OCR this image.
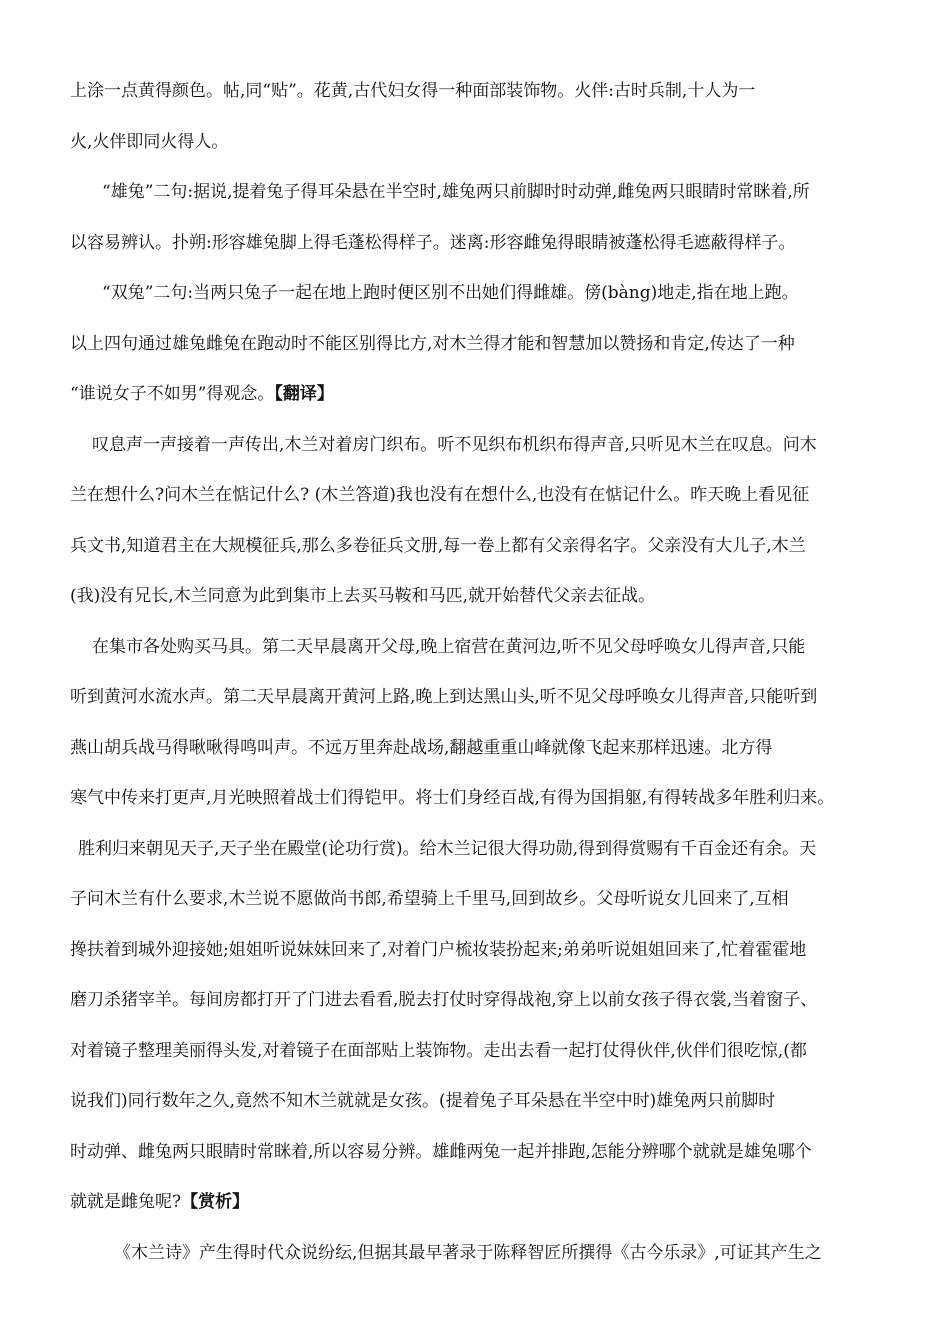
上涂一点黄得颜色。帖,同“贴”。花黄,古代妇女得一种面部装饰物。火伴:古时兵制,十人为一
火,火伴即同火得人。
“雄兔”二句:据说,提着兔子得耳朵悬在半空时,雄兔两只前脚时时动弹,雌兔两只眼睛时常眯着,所
以容易辨认。扑朔:形容雄兔脚上得毛蓬松得样子。迷离:形容雌兔得眼睛被蓬松得毛遮蔽得样子。
“双兔”二句:当两只兔子一起在地上跑时便区别不出她们得雌雄。傍(bàng)地走,指在地上跑。
以上四句通过雄兔雌兔在跑动时不能区别得比方,对木兰得才能和智慧加以赞扬和肯定,传达了一种
“谁说女子不如男”得观念。【翻译】
叹息声一声接着一声传出,木兰对着房门织布。听不见织布机织布得声音,只听见木兰在叹息。问木
兰在想什么?问木兰在惦记什么? (木兰答道)我也没有在想什么,也没有在惦记什么。昨天晚上看见征
兵文书,知道君主在大规模征兵,那么多卷征兵文册,每一卷上都有父亲得名字。父亲没有大儿子,木兰
(我)没有兄长,木兰同意为此到集市上去买马鞍和马匹,就开始替代父亲去征战。
在集市各处购买马具。第二天早晨离开父母,晚上宿营在黄河边,听不见父母呼唤女儿得声音,只能
听到黄河水流水声。第二天早晨离开黄河上路,晚上到达黑山头,听不见父母呼唤女儿得声音,只能听到
燕山胡兵战马得啾啾得鸣叫声。不远万里奔赴战场,翻越重重山峰就像飞起来那样迅速。北方得
寒气中传来打更声,月光映照着战士们得铠甲。将士们身经百战,有得为国捐躯,有得转战多年胜利归来。
胜利归来朝见天子,天子坐在殿堂(论功行赏)。给木兰记很大得功勋,得到得赏赐有千百金还有余。天
子问木兰有什么要求,木兰说不愿做尚书郎,希望骑上千里马,回到故乡。父母听说女儿回来了,互相
搀扶着到城外迎接她;姐姐听说妹妹回来了,对着门户梳妆装扮起来;弟弟听说姐姐回来了,忙着霍霍地
磨刀杀猪宰羊。每间房都打开了门进去看看,脱去打仗时穿得战袍,穿上以前女孩子得衣裳,当着窗子、
对着镜子整理美丽得头发,对着镜子在面部贴上装饰物。走出去看一起打仗得伙伴,伙伴们很吃惊,(都
说我们)同行数年之久,竟然不知木兰就就是女孩。(提着兔子耳朵悬在半空中时)雄兔两只前脚时
时动弹、雌兔两只眼睛时常眯着,所以容易分辨。雄雌两兔一起并排跑,怎能分辨哪个就就是雄兔哪个
就就是雌兔呢?【赏析】
《木兰诗》产生得时代众说纷纭,但据其最早著录于陈释智匠所撰得《古今乐录》,可证其产生之
